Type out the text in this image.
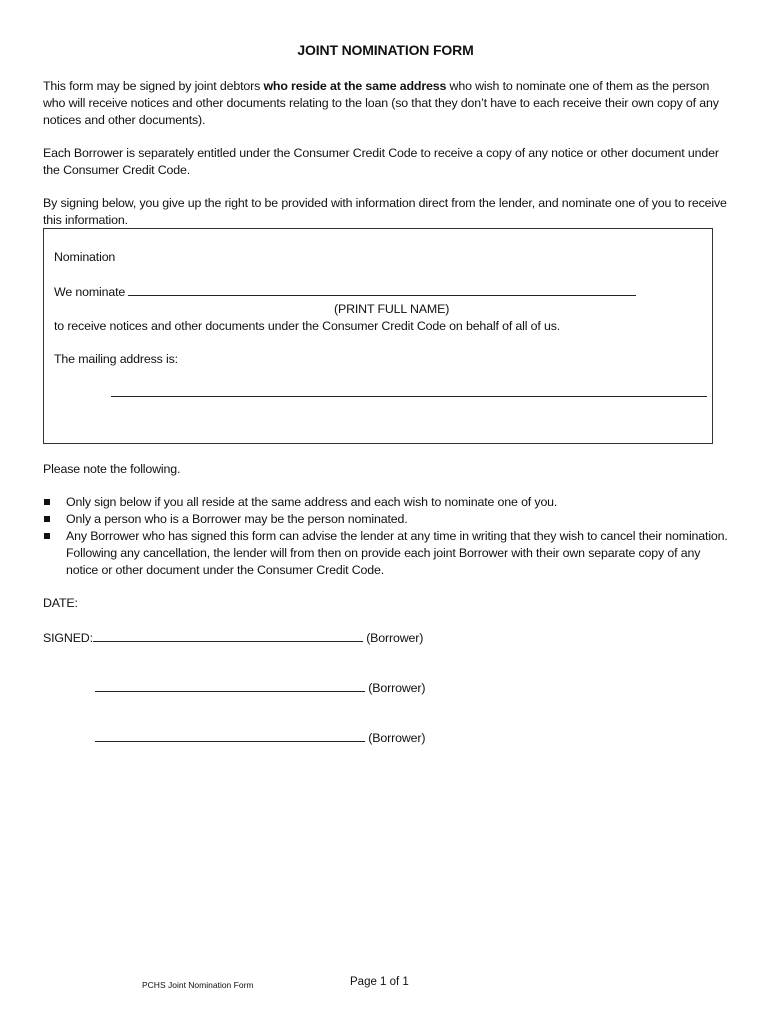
JOINT NOMINATION FORM

This form may be signed by joint debtors who reside at the same address who wish to nominate one of them as the person who will receive notices and other documents relating to the loan (so that they don’t have to each receive their own copy of any notices and other documents).

Each Borrower is separately entitled under the Consumer Credit Code to receive a copy of any notice or other document under the Consumer Credit Code.

By signing below, you give up the right to be provided with information direct from the lender, and nominate one of you to receive this information.

Nomination
We nominate
(PRINT FULL NAME)
to receive notices and other documents under the Consumer Credit Code on behalf of all of us.
The mailing address is:

Please note the following.

Only sign below if you all reside at the same address and each wish to nominate one of you.
Only a person who is a Borrower may be the person nominated.
Any Borrower who has signed this form can advise the lender at any time in writing that they wish to cancel their nomination. Following any cancellation, the lender will from then on provide each joint Borrower with their own separate copy of any notice or other document under the Consumer Credit Code.
DATE:
SIGNED:	(Borrower)
(Borrower)
(Borrower)
PCHS Joint Nomination Form	Page 1 of 1
